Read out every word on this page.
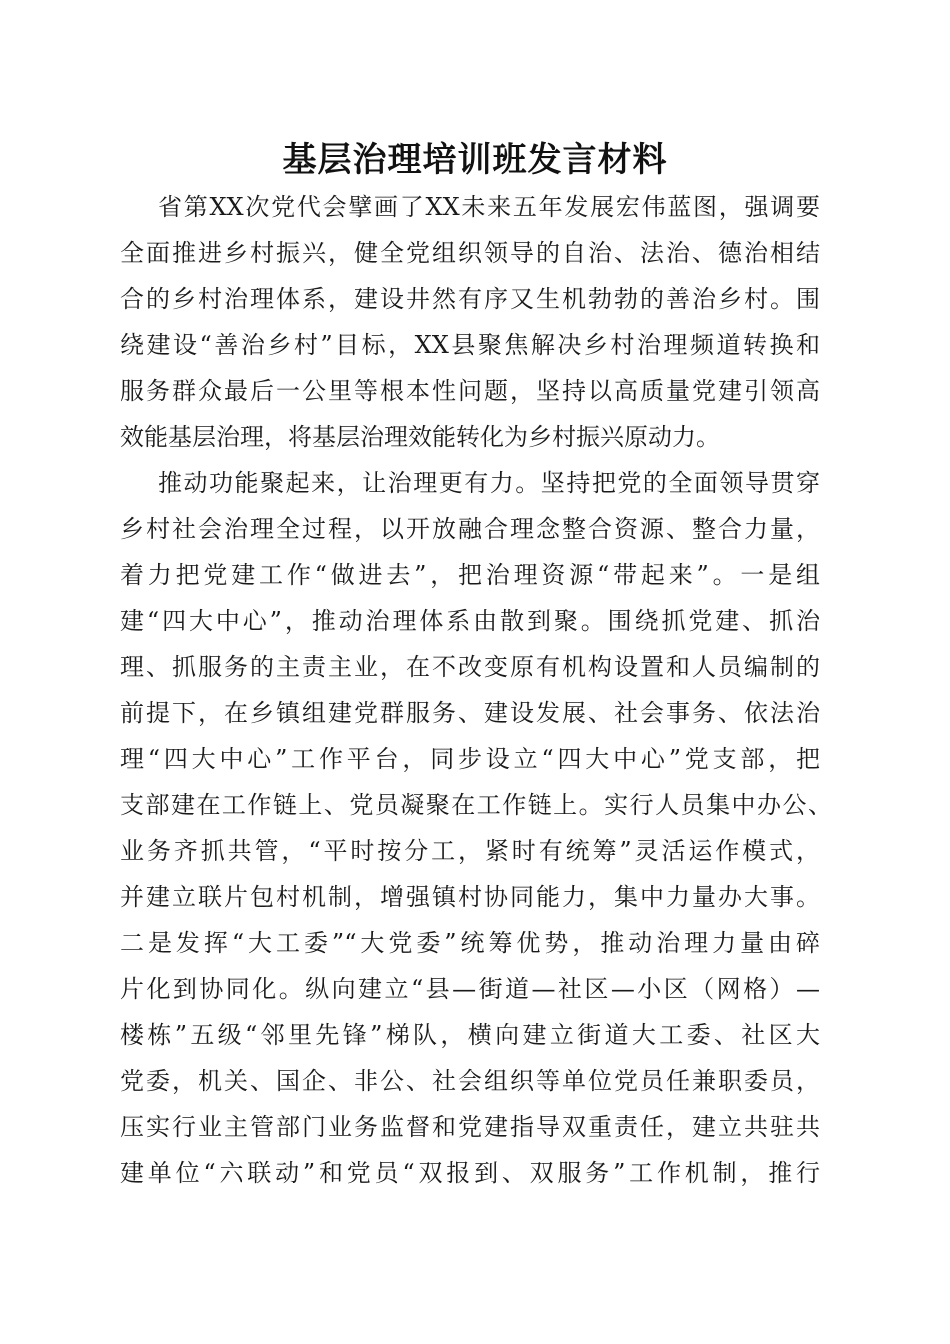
基层治理培训班发言材料

省第XX次党代会擘画了XX未来五年发展宏伟蓝图，强调要

全面推进乡村振兴，健全党组织领导的自治、法治、德治相结

合的乡村治理体系，建设井然有序又生机勃勃的善治乡村。围

绕建设“善治乡村”目标，XX县聚焦解决乡村治理频道转换和

服务群众最后一公里等根本性问题，坚持以高质量党建引领高

效能基层治理，将基层治理效能转化为乡村振兴原动力。

推动功能聚起来，让治理更有力。坚持把党的全面领导贯穿

乡村社会治理全过程，以开放融合理念整合资源、整合力量，

着力把党建工作“做进去”，把治理资源“带起来”。一是组

建“四大中心”，推动治理体系由散到聚。围绕抓党建、抓治

理、抓服务的主责主业，在不改变原有机构设置和人员编制的

前提下，在乡镇组建党群服务、建设发展、社会事务、依法治

理“四大中心”工作平台，同步设立“四大中心”党支部，把

支部建在工作链上、党员凝聚在工作链上。实行人员集中办公、

业务齐抓共管，“平时按分工，紧时有统筹”灵活运作模式，

并建立联片包村机制，增强镇村协同能力，集中力量办大事。

二是发挥“大工委”“大党委”统筹优势，推动治理力量由碎

片化到协同化。纵向建立“县—街道—社区—小区（网格）—

楼栋”五级“邻里先锋”梯队，横向建立街道大工委、社区大

党委，机关、国企、非公、社会组织等单位党员任兼职委员，

压实行业主管部门业务监督和党建指导双重责任，建立共驻共

建单位“六联动”和党员“双报到、双服务”工作机制，推行
